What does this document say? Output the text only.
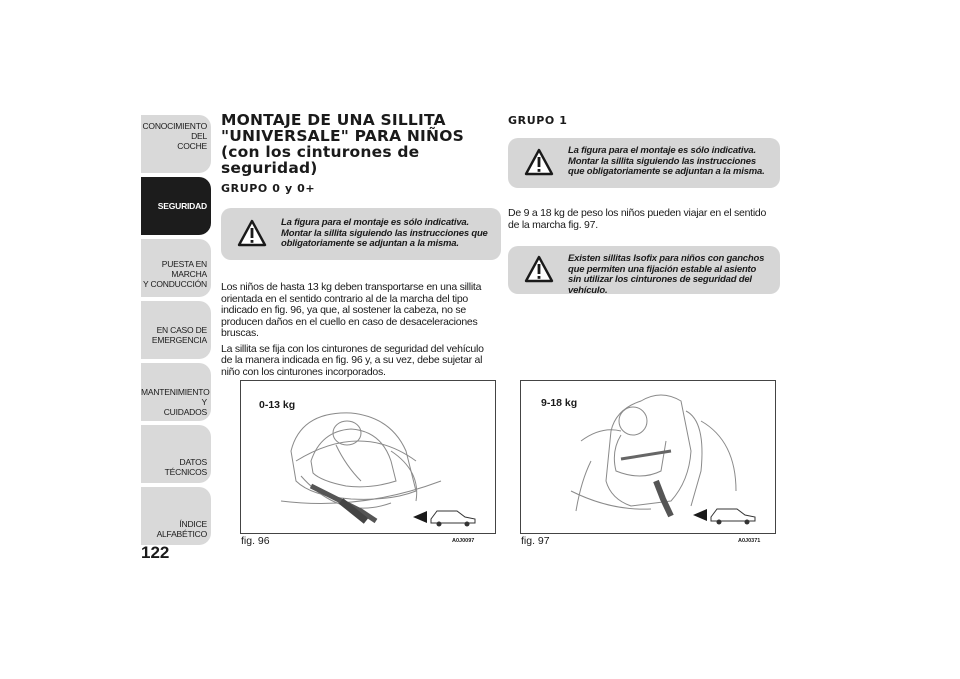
CONOCIMIENTO DEL
COCHE
SEGURIDAD
PUESTA EN MARCHA
Y CONDUCCIÓN
EN CASO DE
EMERGENCIA
MANTENIMIENTO Y
CUIDADOS
DATOS TÉCNICOS
ÍNDICE ALFABÉTICO
122
MONTAJE DE UNA SILLITA
"UNIVERSALE" PARA NIÑOS
(con los cinturones de
seguridad)
GRUPO 0 y 0+
La figura para el montaje es sólo indicativa. Montar la sillita siguiendo las instrucciones que obligatoriamente se adjuntan a la misma.

Los niños de hasta 13 kg deben transportarse en una sillita orientada en el sentido contrario al de la marcha del tipo indicado en fig. 96, ya que, al sostener la cabeza, no se producen daños en el cuello en caso de desaceleraciones bruscas.

La sillita se fija con los cinturones de seguridad del vehículo de la manera indicada en fig. 96 y, a su vez, debe sujetar al niño con los cinturones incorporados.

0-13 kg
fig. 96	A0J0097
GRUPO 1
La figura para el montaje es sólo indicativa. Montar la sillita siguiendo las instrucciones que obligatoriamente se adjuntan a la misma.

De 9 a 18 kg de peso los niños pueden viajar en el sentido de la marcha fig. 97.

Existen sillitas Isofix para niños con ganchos que permiten una fijación estable al asiento sin utilizar los cinturones de seguridad del vehículo.
9-18 kg
fig. 97	A0J0371
